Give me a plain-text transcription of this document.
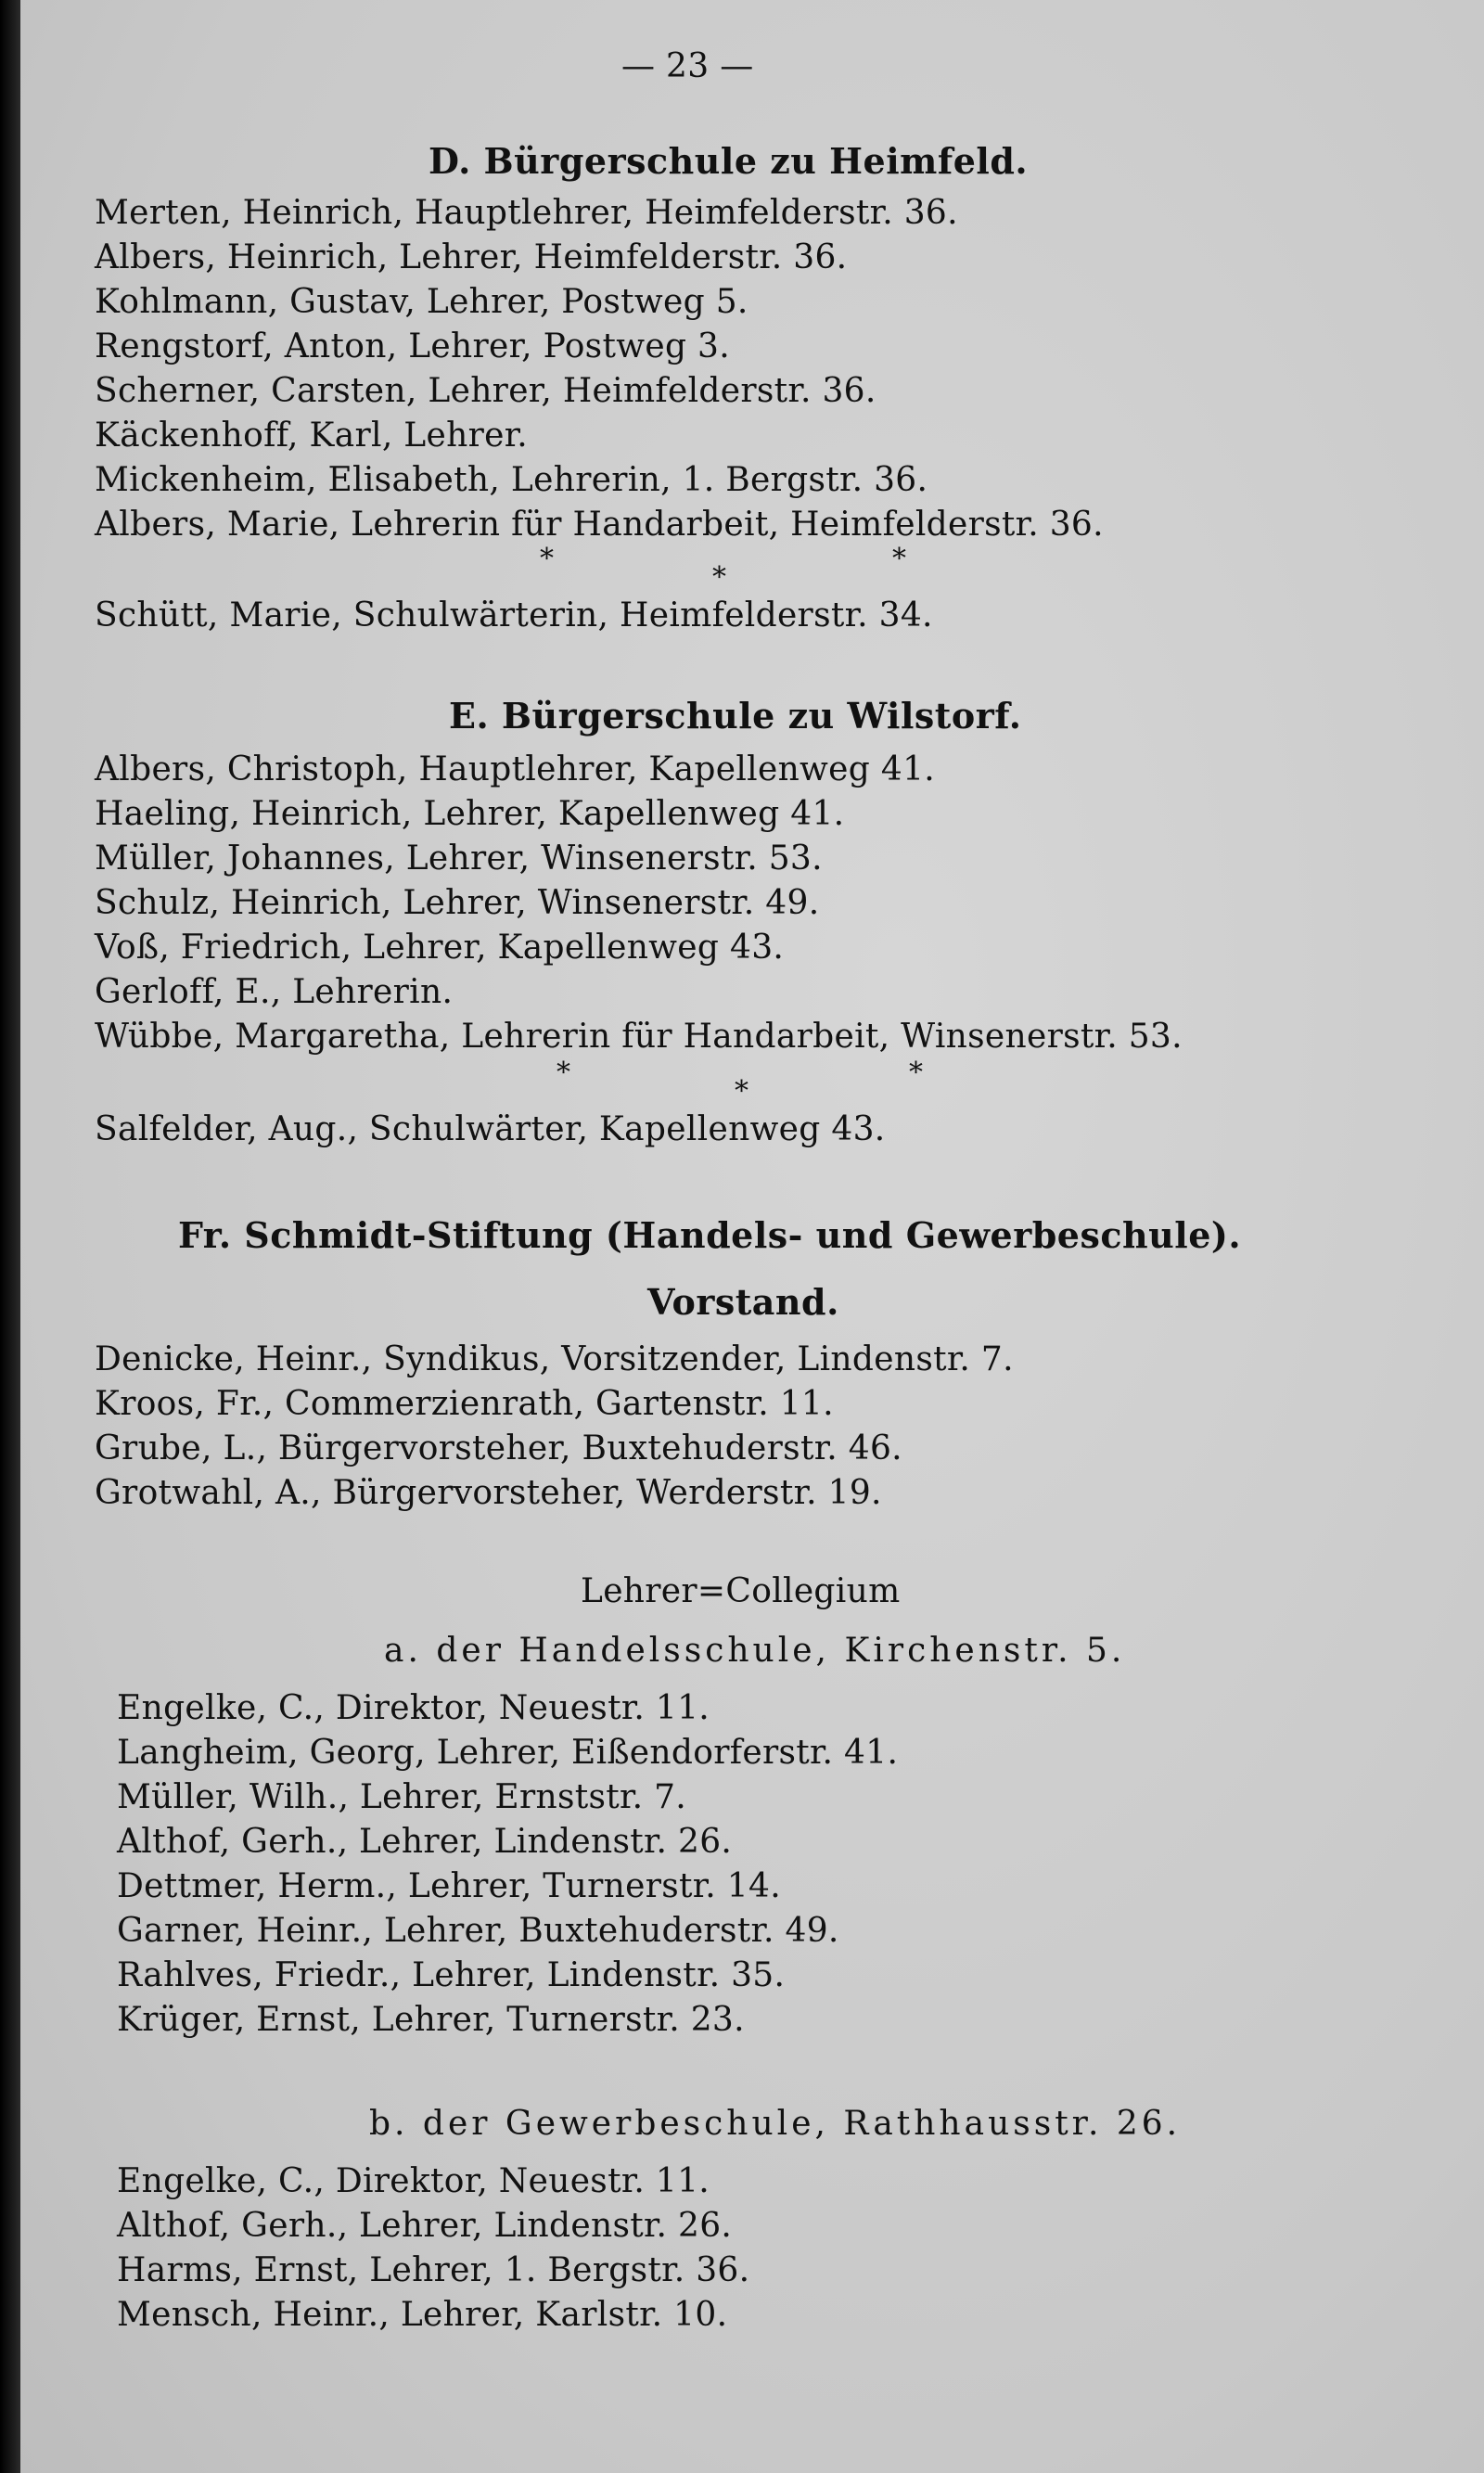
— 23 —
D. Bürgerschule zu Heimfeld.
Merten, Heinrich, Hauptlehrer, Heimfelderstr. 36.
Albers, Heinrich, Lehrer, Heimfelderstr. 36.
Kohlmann, Gustav, Lehrer, Postweg 5.
Rengstorf, Anton, Lehrer, Postweg 3.
Scherner, Carsten, Lehrer, Heimfelderstr. 36.
Käckenhoff, Karl, Lehrer.
Mickenheim, Elisabeth, Lehrerin, 1. Bergstr. 36.
Albers, Marie, Lehrerin für Handarbeit, Heimfelderstr. 36.
*
*
*
Schütt, Marie, Schulwärterin, Heimfelderstr. 34.
E. Bürgerschule zu Wilstorf.
Albers, Christoph, Hauptlehrer, Kapellenweg 41.
Haeling, Heinrich, Lehrer, Kapellenweg 41.
Müller, Johannes, Lehrer, Winsenerstr. 53.
Schulz, Heinrich, Lehrer, Winsenerstr. 49.
Voß, Friedrich, Lehrer, Kapellenweg 43.
Gerloff, E., Lehrerin.
Wübbe, Margaretha, Lehrerin für Handarbeit, Winsenerstr. 53.
*
*
*
Salfelder, Aug., Schulwärter, Kapellenweg 43.
Fr. Schmidt-Stiftung (Handels- und Gewerbeschule).
Vorstand.
Denicke, Heinr., Syndikus, Vorsitzender, Lindenstr. 7.
Kroos, Fr., Commerzienrath, Gartenstr. 11.
Grube, L., Bürgervorsteher, Buxtehuderstr. 46.
Grotwahl, A., Bürgervorsteher, Werderstr. 19.
Lehrer=Collegium
a. der Handelsschule, Kirchenstr. 5.
Engelke, C., Direktor, Neuestr. 11.
Langheim, Georg, Lehrer, Eißendorferstr. 41.
Müller, Wilh., Lehrer, Ernststr. 7.
Althof, Gerh., Lehrer, Lindenstr. 26.
Dettmer, Herm., Lehrer, Turnerstr. 14.
Garner, Heinr., Lehrer, Buxtehuderstr. 49.
Rahlves, Friedr., Lehrer, Lindenstr. 35.
Krüger, Ernst, Lehrer, Turnerstr. 23.
b. der Gewerbeschule, Rathhausstr. 26.
Engelke, C., Direktor, Neuestr. 11.
Althof, Gerh., Lehrer, Lindenstr. 26.
Harms, Ernst, Lehrer, 1. Bergstr. 36.
Mensch, Heinr., Lehrer, Karlstr. 10.
